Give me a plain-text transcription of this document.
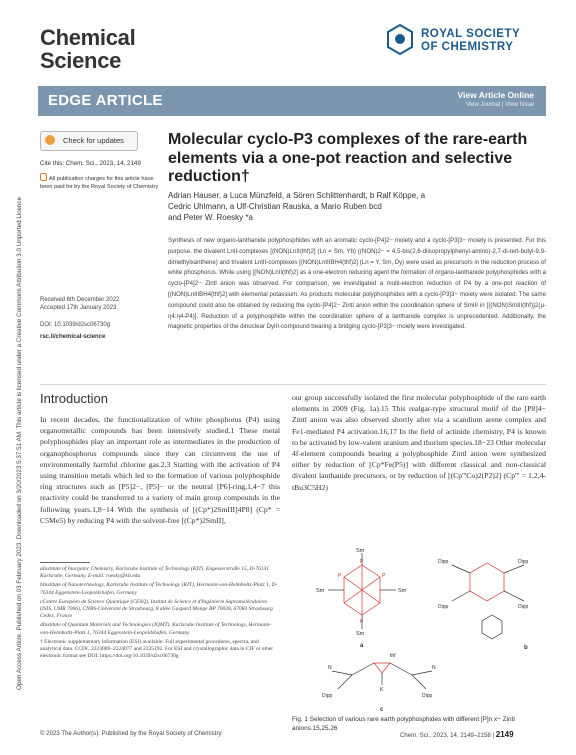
Chemical
Science
ROYAL SOCIETY
OF CHEMISTRY
EDGE ARTICLE	View Article Online
View Journal | View Issue
Open Access Article. Published on 03 February 2023. Downloaded on 3/20/2023 5:37:51 AM. This article is licensed under a Creative Commons Attribution 3.0 Unported Licence.
Check for updates
Cite this: Chem. Sci., 2023, 14, 2149
All publication charges for this article have been paid for by the Royal Society of Chemistry
Received 6th December 2022
Accepted 17th January 2023
DOI: 10.1039/d2sc06730g
rsc.li/chemical-science
Molecular cyclo-P3 complexes of the rare-earth elements via a one-pot reaction and selective reduction†
Adrian Hauser, a Luca Münzfeld, a Sören Schlittenhardt, b Ralf Köppe, a
Cedric Uhlmann, a Ulf-Christian Rauska, a Mario Ruben bcd
and Peter W. Roesky *a
Synthesis of new organo-lanthanide polyphosphides with an aromatic cyclo-[P4]2− moiety and a cyclo-[P3]3− moiety is presented. For this purpose, the divalent LnII-complexes [(NON)LnII(thf)2] (Ln = Sm, Yb) ((NON)2− = 4,5-bis(2,6-diisopropylphenyl-amino)-2,7-di-tert-butyl-9,9-dimethylxanthene) and trivalent LnIII-complexes [(NON)LnIIIBH4(thf)2] (Ln = Y, Sm, Dy) were used as precursors in the reduction process of white phosphorus. While using [(NON)LnII(thf)2] as a one-electron reducing agent the formation of organo-lanthanide polyphosphides with a cyclo-[P4]2− Zintl anion was observed. For comparison, we investigated a multi-electron reduction of P4 by a one-pot reaction of [(NON)LnIIIBH4(thf)2] with elemental potassium. As products molecular polyphosphides with a cyclo-[P3]3− moiety were isolated. The same compound could also be obtained by reducing the cyclo-[P4]2− Zintl anion within the coordination sphere of SmIII in [{(NON)SmIII(thf)}2(μ-η4:η4-P4)]. Reduction of a polyphosphide within the coordination sphere of a lanthanide complex is unprecedented. Additionally, the magnetic properties of the dinuclear DyIII-compound bearing a bridging cyclo-[P3]3− moiety were investigated.
Introduction
In recent decades, the functionalization of white phosphorus (P4) using organometallic compounds has been intensively studied.1 These metal polyphosphides play an important role as intermediates in the production of organophosphorus compounds since they can circumvent the use of environmentally harmful chlorine gas.2,3 Starting with the activation of P4 using transition metals which led to the formation of various polyphosphide ring structures such as [P5]2−, [P5]− or the neutral [P6]-ring,1,4−7 this reactivity could be transferred to a variety of main group compounds in the following years.1,8−14 With the synthesis of [(Cp*)2SmIII]4P8] (Cp* = C5Me5) by reducing P4 with the solvent-free [(Cp*)2SmII],
our group successfully isolated the first molecular polyphosphide of the rare earth elements in 2009 (Fig. 1a).15 This realgar-type structural motif of the [P8]4− Zintl anion was also observed shortly after via a scandium arene complex and Fe1-mediated P4 activation.16,17 In the field of actinide chemistry, P4 is known to be activated by low-valent uranium and thorium species.18−23 Other molecular 4f-element compounds bearing a polyphosphide Zintl anion were synthesized either by reduction of [Cp*Fe(P5)] with different classical and non-classical divalent lanthanide precursors, or by reduction of [(Cp'''Co)2(P2)2] (Cp''' = 1,2,4-tBu3C5H2)

aInstitute of Inorganic Chemistry, Karlsruhe Institute of Technology (KIT), Engesserstraße 15, D-76131 Karlsruhe, Germany. E-mail: roesky@kit.edu

bInstitute of Nanotechnology, Karlsruhe Institute of Technology (KIT), Hermann-von-Helmholtz-Platz 1, D-76344 Eggenstein-Leopoldshafen, Germany

cCentre Européen de Science Quantique (CESQ), Institut de Science et d'Ingénierie Supramoléculaires (ISIS, UMR 7006), CNRS-Université de Strasbourg, 8 allée Gaspard Monge BP 70028, 67083 Strasbourg Cedex, France

dInstitute of Quantum Materials and Technologies (IQMT), Karlsruhe Institute of Technology, Hermann-von-Helmholtz-Platz 1, 76344 Eggenstein-Leopoldshafen, Germany

† Electronic supplementary information (ESI) available: Full experimental procedures, spectra, and analytical data. CCDC 2224069–2224077 and 2235192. For ESI and crystallographic data in CIF or other electronic format see DOI: https://doi.org/10.1039/d2sc06730g

Sm
Sm	Sm
Sm
P
P	P
P
a
Dipp	Dipp
Dipp	Dipp
b
K
thf
N	N
Dipp	Dipp
c
Fig. 1 Selection of various rare earth polyphosphides with different [P]n x− Zintl anions.15,25,26
© 2023 The Author(s). Published by the Royal Society of Chemistry	Chem. Sci., 2023, 14, 2149–2158 | 2149
